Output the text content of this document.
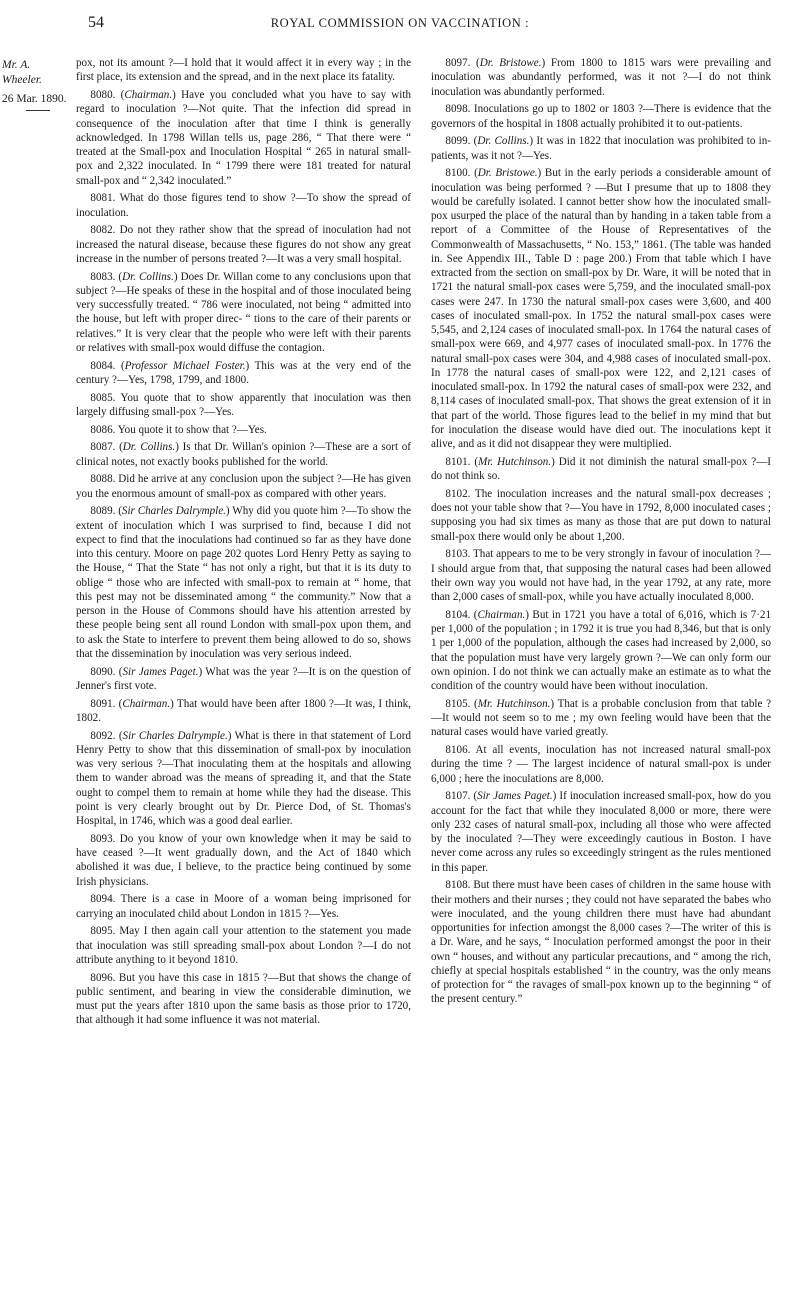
54	ROYAL COMMISSION ON VACCINATION :
Mr. A. Wheeler.
26 Mar. 1890.

pox, not its amount ?—I hold that it would affect it in every way ; in the first place, its extension and the spread, and in the next place its fatality.

8080. (Chairman.) Have you concluded what you have to say with regard to inoculation ?—Not quite. That the infection did spread in consequence of the inoculation after that time I think is generally acknowledged. In 1798 Willan tells us, page 286, “ That there were “ treated at the Small-pox and Inoculation Hospital “ 265 in natural small-pox and 2,322 inoculated. In “ 1799 there were 181 treated for natural small-pox and “ 2,342 inoculated.”

8081. What do those figures tend to show ?—To show the spread of inoculation.

8082. Do not they rather show that the spread of inoculation had not increased the natural disease, because these figures do not show any great increase in the number of persons treated ?—It was a very small hospital.

8083. (Dr. Collins.) Does Dr. Willan come to any conclusions upon that subject ?—He speaks of these in the hospital and of those inoculated being very successfully treated. “ 786 were inoculated, not being “ admitted into the house, but left with proper direc- “ tions to the care of their parents or relatives.” It is very clear that the people who were left with their parents or relatives with small-pox would diffuse the contagion.

8084. (Professor Michael Foster.) This was at the very end of the century ?—Yes, 1798, 1799, and 1800.

8085. You quote that to show apparently that inoculation was then largely diffusing small-pox ?—Yes.

8086. You quote it to show that ?—Yes.

8087. (Dr. Collins.) Is that Dr. Willan's opinion ?—These are a sort of clinical notes, not exactly books published for the world.

8088. Did he arrive at any conclusion upon the subject ?—He has given you the enormous amount of small-pox as compared with other years.

8089. (Sir Charles Dalrymple.) Why did you quote him ?—To show the extent of inoculation which I was surprised to find, because I did not expect to find that the inoculations had continued so far as they have done into this century. Moore on page 202 quotes Lord Henry Petty as saying to the House, “ That the State “ has not only a right, but that it is its duty to oblige “ those who are infected with small-pox to remain at “ home, that this pest may not be disseminated among “ the community.” Now that a person in the House of Commons should have his attention arrested by these people being sent all round London with small-pox upon them, and to ask the State to interfere to prevent them being allowed to do so, shows that the dissemination by inoculation was very serious indeed.

8090. (Sir James Paget.) What was the year ?—It is on the question of Jenner's first vote.

8091. (Chairman.) That would have been after 1800 ?—It was, I think, 1802.

8092. (Sir Charles Dalrymple.) What is there in that statement of Lord Henry Petty to show that this dissemination of small-pox by inoculation was very serious ?—That inoculating them at the hospitals and allowing them to wander abroad was the means of spreading it, and that the State ought to compel them to remain at home while they had the disease. This point is very clearly brought out by Dr. Pierce Dod, of St. Thomas's Hospital, in 1746, which was a good deal earlier.

8093. Do you know of your own knowledge when it may be said to have ceased ?—It went gradually down, and the Act of 1840 which abolished it was due, I believe, to the practice being continued by some Irish physicians.

8094. There is a case in Moore of a woman being imprisoned for carrying an inoculated child about London in 1815 ?—Yes.

8095. May I then again call your attention to the statement you made that inoculation was still spreading small-pox about London ?—I do not attribute anything to it beyond 1810.

8096. But you have this case in 1815 ?—But that shows the change of public sentiment, and bearing in view the considerable diminution, we must put the years after 1810 upon the same basis as those prior to 1720, that although it had some influence it was not material.

8097. (Dr. Bristowe.) From 1800 to 1815 wars were prevailing and inoculation was abundantly performed, was it not ?—I do not think inoculation was abundantly performed.

8098. Inoculations go up to 1802 or 1803 ?—There is evidence that the governors of the hospital in 1808 actually prohibited it to out-patients.

8099. (Dr. Collins.) It was in 1822 that inoculation was prohibited to in-patients, was it not ?—Yes.

8100. (Dr. Bristowe.) But in the early periods a considerable amount of inoculation was being performed ? —But I presume that up to 1808 they would be carefully isolated. I cannot better show how the inoculated small-pox usurped the place of the natural than by handing in a taken table from a report of a Committee of the House of Representatives of the Commonwealth of Massachusetts, “ No. 153,” 1861. (The table was handed in. See Appendix III., Table D : page 200.) From that table which I have extracted from the section on small-pox by Dr. Ware, it will be noted that in 1721 the natural small-pox cases were 5,759, and the inoculated small-pox cases were 247. In 1730 the natural small-pox cases were 3,600, and 400 cases of inoculated small-pox. In 1752 the natural small-pox cases were 5,545, and 2,124 cases of inoculated small-pox. In 1764 the natural cases of small-pox were 669, and 4,977 cases of inoculated small-pox. In 1776 the natural small-pox cases were 304, and 4,988 cases of inoculated small-pox. In 1778 the natural cases of small-pox were 122, and 2,121 cases of inoculated small-pox. In 1792 the natural cases of small-pox were 232, and 8,114 cases of inoculated small-pox. That shows the great extension of it in that part of the world. Those figures lead to the belief in my mind that but for inoculation the disease would have died out. The inoculations kept it alive, and as it did not disappear they were multiplied.

8101. (Mr. Hutchinson.) Did it not diminish the natural small-pox ?—I do not think so.

8102. The inoculation increases and the natural small-pox decreases ; does not your table show that ?—You have in 1792, 8,000 inoculated cases ; supposing you had six times as many as those that are put down to natural small-pox there would only be about 1,200.

8103. That appears to me to be very strongly in favour of inoculation ?—I should argue from that, that supposing the natural cases had been allowed their own way you would not have had, in the year 1792, at any rate, more than 2,000 cases of small-pox, while you have actually inoculated 8,000.

8104. (Chairman.) But in 1721 you have a total of 6,016, which is 7·21 per 1,000 of the population ; in 1792 it is true you had 8,346, but that is only 1 per 1,000 of the population, although the cases had increased by 2,000, so that the population must have very largely grown ?—We can only form our own opinion. I do not think we can actually make an estimate as to what the condition of the country would have been without inoculation.

8105. (Mr. Hutchinson.) That is a probable conclusion from that table ?—It would not seem so to me ; my own feeling would have been that the natural cases would have varied greatly.

8106. At all events, inoculation has not increased natural small-pox during the time ? — The largest incidence of natural small-pox is under 6,000 ; here the inoculations are 8,000.

8107. (Sir James Paget.) If inoculation increased small-pox, how do you account for the fact that while they inoculated 8,000 or more, there were only 232 cases of natural small-pox, including all those who were affected by the inoculated ?—They were exceedingly cautious in Boston. I have never come across any rules so exceedingly stringent as the rules mentioned in this paper.

8108. But there must have been cases of children in the same house with their mothers and their nurses ; they could not have separated the babes who were inoculated, and the young children there must have had abundant opportunities for infection amongst the 8,000 cases ?—The writer of this is a Dr. Ware, and he says, “ Inoculation performed amongst the poor in their own “ houses, and without any particular precautions, and “ among the rich, chiefly at special hospitals established “ in the country, was the only means of protection for “ the ravages of small-pox known up to the beginning “ of the present century.”
